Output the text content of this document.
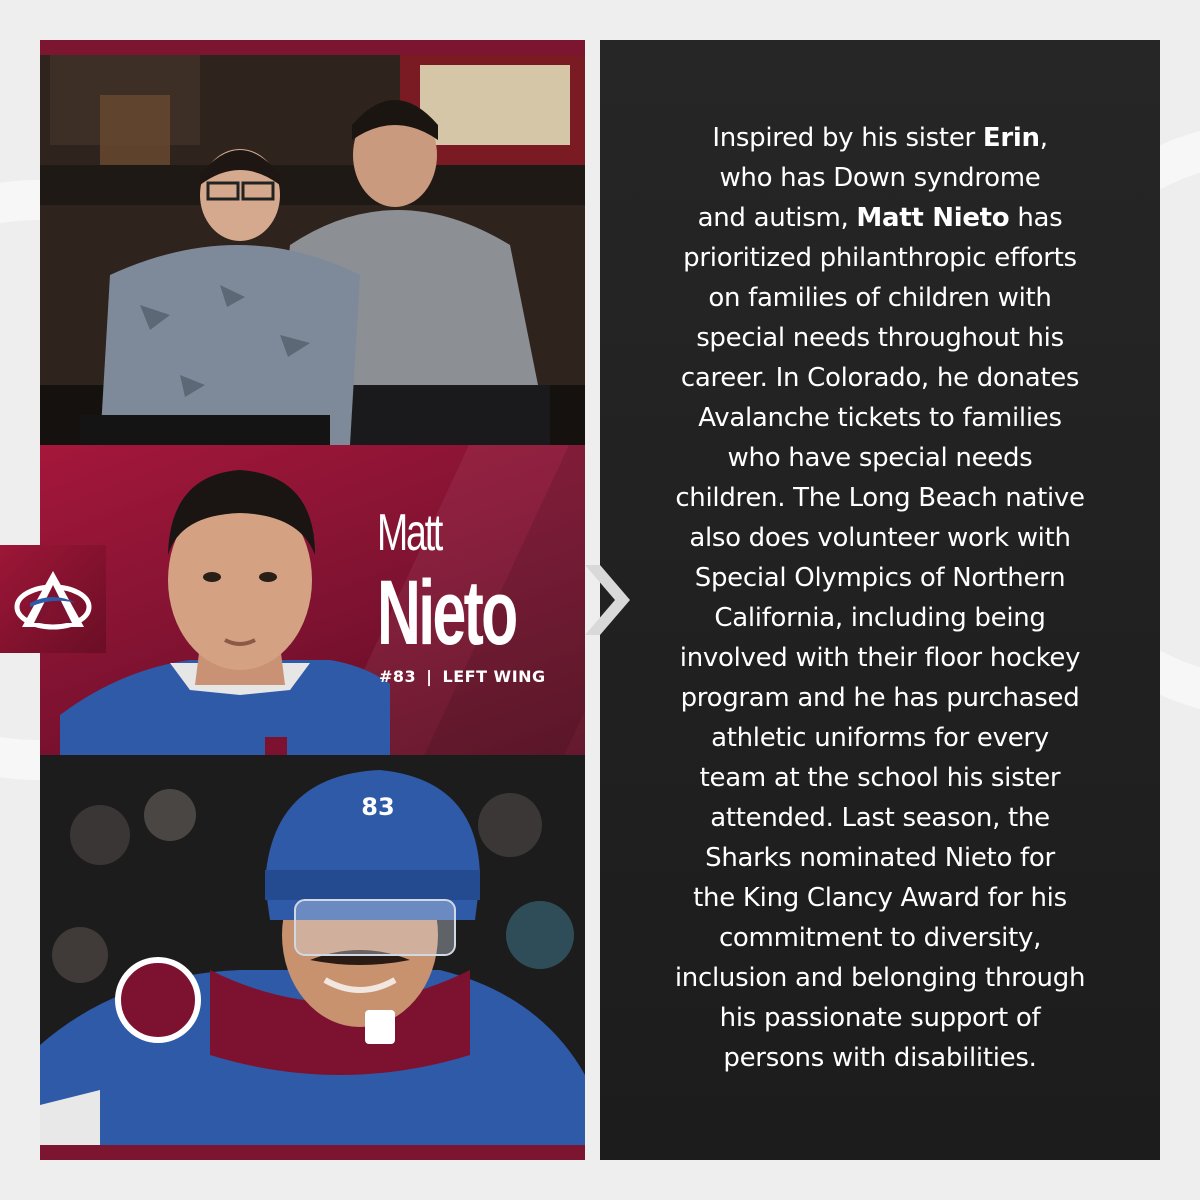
Matt
Nieto
#83 | LEFT WING
83
Inspired by his sister Erin,
who has Down syndrome
and autism, Matt Nieto has
prioritized philanthropic efforts
on families of children with
special needs throughout his
career. In Colorado, he donates
Avalanche tickets to families
who have special needs
children. The Long Beach native
also does volunteer work with
Special Olympics of Northern
California, including being
involved with their floor hockey
program and he has purchased
athletic uniforms for every
team at the school his sister
attended. Last season, the
Sharks nominated Nieto for
the King Clancy Award for his
commitment to diversity,
inclusion and belonging through
his passionate support of
persons with disabilities.
